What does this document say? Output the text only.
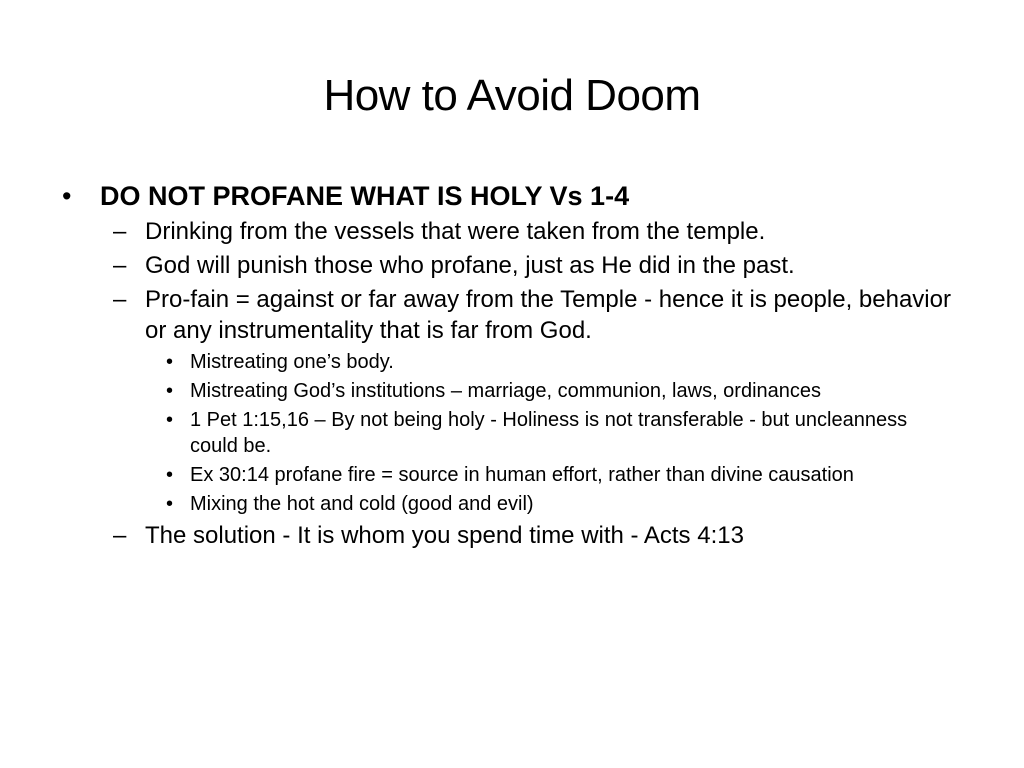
How to Avoid Doom
• DO NOT PROFANE WHAT IS HOLY Vs 1-4
– Drinking from the vessels that were taken from the temple.
– God will punish those who profane, just as He did in the past.
– Pro-fain = against or far away from the Temple - hence it is people, behavior or any instrumentality that is far from God.
• Mistreating one’s body.
• Mistreating God’s institutions – marriage, communion, laws, ordinances
• 1 Pet 1:15,16 – By not being holy - Holiness is not transferable - but uncleanness could be.
• Ex 30:14 profane fire = source in human effort, rather than divine causation
• Mixing the hot and cold (good and evil)
– The solution - It is whom you spend time with - Acts 4:13
